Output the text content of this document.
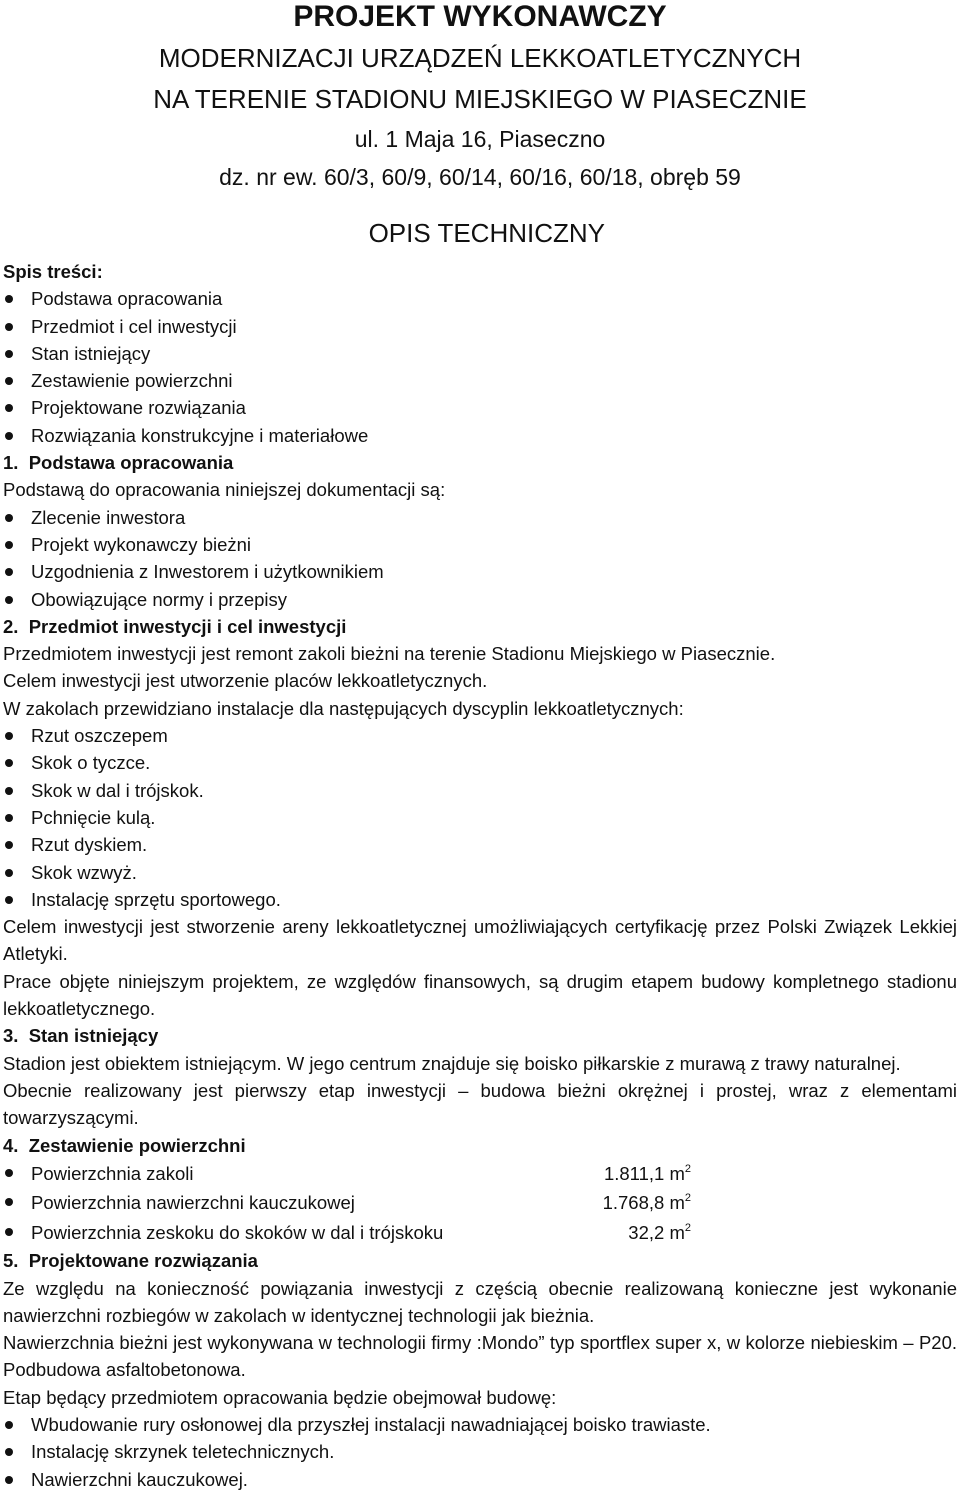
PROJEKT WYKONAWCZY

MODERNIZACJI URZĄDZEŃ LEKKOATLETYCZNYCH

NA TERENIE STADIONU MIEJSKIEGO W PIASECZNIE

ul. 1 Maja 16, Piaseczno

dz. nr ew. 60/3, 60/9, 60/14, 60/16, 60/18, obręb 59

OPIS TECHNICZNY

Spis treści:

Podstawa opracowania
Przedmiot i cel inwestycji
Stan istniejący
Zestawienie powierzchni
Projektowane rozwiązania
Rozwiązania konstrukcyjne i materiałowe

1.  Podstawa opracowania

Podstawą do opracowania niniejszej dokumentacji są:

Zlecenie inwestora
Projekt wykonawczy bieżni
Uzgodnienia z Inwestorem i użytkownikiem
Obowiązujące normy i przepisy

2.  Przedmiot inwestycji i cel inwestycji

Przedmiotem inwestycji jest remont zakoli bieżni na terenie Stadionu Miejskiego w Piasecznie.

Celem inwestycji jest utworzenie placów lekkoatletycznych.

W zakolach przewidziano instalacje dla następujących dyscyplin lekkoatletycznych:

Rzut oszczepem
Skok o tyczce.
Skok w dal i trójskok.
Pchnięcie kulą.
Rzut dyskiem.
Skok wzwyż.
Instalację sprzętu sportowego.

Celem inwestycji jest stworzenie areny lekkoatletycznej umożliwiających certyfikację przez Polski Związek Lekkiej Atletyki.

Prace objęte niniejszym projektem, ze względów finansowych, są drugim etapem budowy kompletnego stadionu lekkoatletycznego.

3.  Stan istniejący

Stadion jest obiektem istniejącym. W jego centrum znajduje się boisko piłkarskie z murawą z trawy naturalnej.

Obecnie realizowany jest pierwszy etap inwestycji – budowa bieżni okrężnej i prostej, wraz z elementami towarzyszącymi.

4.  Zestawienie powierzchni

Powierzchnia zakoli	1.811,1 $m^2$
Powierzchnia nawierzchni kauczukowej	1.768,8 $m^2$
Powierzchnia zeskoku do skoków w dal i trójskoku	32,2 $m^2$

5.  Projektowane rozwiązania

Ze względu na konieczność powiązania inwestycji z częścią obecnie realizowaną konieczne jest wykonanie nawierzchni rozbiegów w zakolach w identycznej technologii jak bieżnia.

Nawierzchnia bieżni jest wykonywana w technologii firmy :Mondo” typ sportflex super x, w kolorze niebieskim – P20. Podbudowa asfaltobetonowa.

Etap będący przedmiotem opracowania będzie obejmował budowę:

Wbudowanie rury osłonowej dla przyszłej instalacji nawadniającej boisko trawiaste.
Instalację skrzynek teletechnicznych.
Nawierzchni kauczukowej.
